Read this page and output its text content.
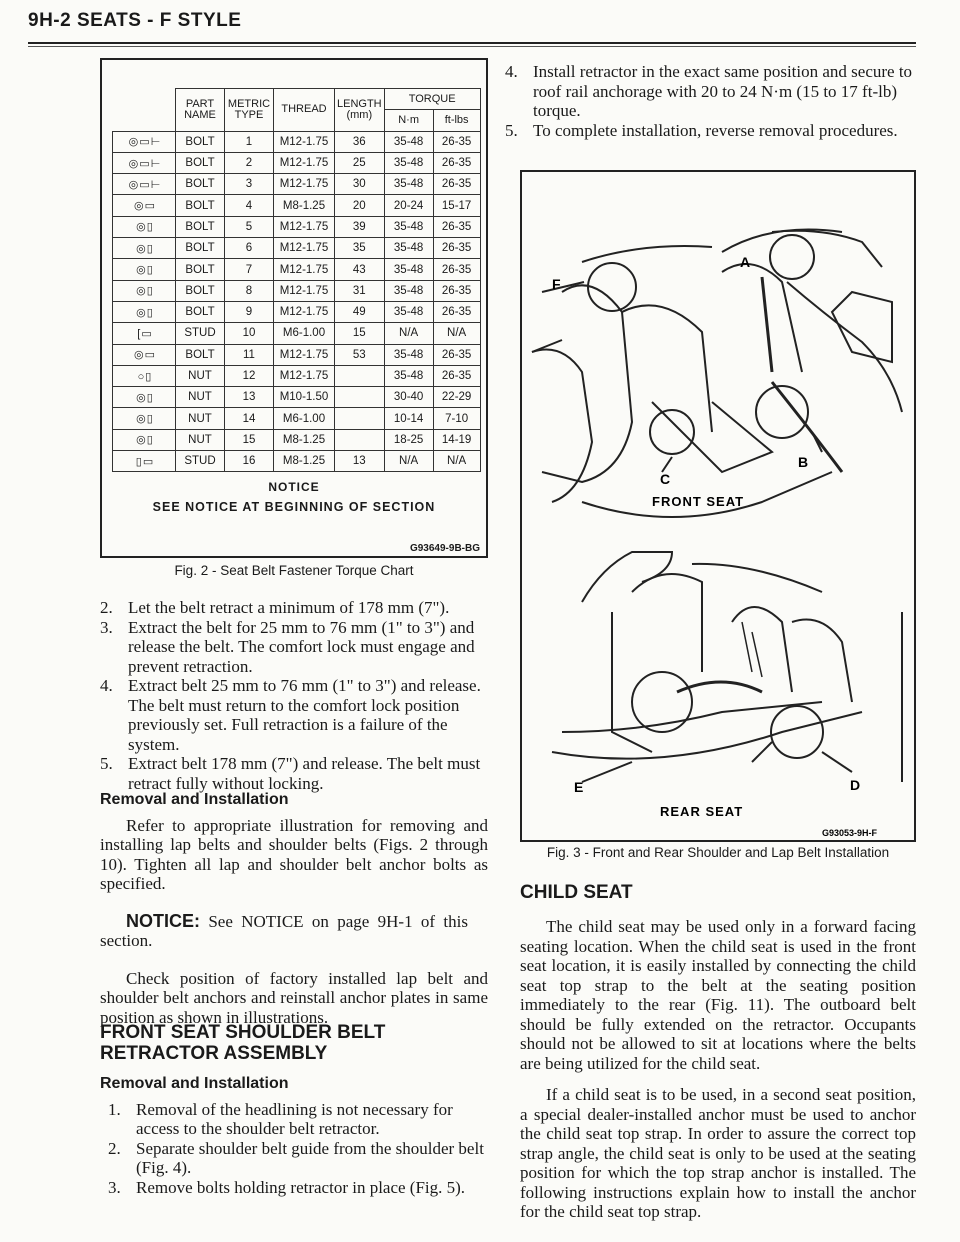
9H-2 SEATS - F STYLE
	PART NAME	METRIC TYPE	THREAD	LENGTH (mm)	TORQUE	
					N·m	ft-lbs
◎ ▭ ⊢	BOLT	1	M12-1.75	36	35-48	26-35
◎ ▭ ⊢	BOLT	2	M12-1.75	25	35-48	26-35
◎ ▭ ⊢	BOLT	3	M12-1.75	30	35-48	26-35
◎ ▭	BOLT	4	M8-1.25	20	20-24	15-17
◎ ▯	BOLT	5	M12-1.75	39	35-48	26-35
◎ ▯	BOLT	6	M12-1.75	35	35-48	26-35
◎ ▯	BOLT	7	M12-1.75	43	35-48	26-35
◎ ▯	BOLT	8	M12-1.75	31	35-48	26-35
◎ ▯	BOLT	9	M12-1.75	49	35-48	26-35
[ ▭	STUD	10	M6-1.00	15	N/A	N/A
◎ ▭	BOLT	11	M12-1.75	53	35-48	26-35
○ ▯	NUT	12	M12-1.75		35-48	26-35
◎ ▯	NUT	13	M10-1.50		30-40	22-29
◎ ▯	NUT	14	M6-1.00		10-14	7-10
◎ ▯	NUT	15	M8-1.25		18-25	14-19
▯ ▭	STUD	16	M8-1.25	13	N/A	N/A
NOTICE
SEE NOTICE AT BEGINNING OF SECTION
G93649-9B-BG
Fig. 2 - Seat Belt Fastener Torque Chart
2. Let the belt retract a minimum of 178 mm (7").
3. Extract the belt for 25 mm to 76 mm (1" to 3") and release the belt. The comfort lock must engage and prevent retraction.
4. Extract belt 25 mm to 76 mm (1" to 3") and release. The belt must return to the comfort lock position previously set. Full retraction is a failure of the system.
5. Extract belt 178 mm (7") and release. The belt must retract fully without locking.
Removal and Installation
Refer to appropriate illustration for removing and installing lap belts and shoulder belts (Figs. 2 through 10). Tighten all lap and shoulder belt anchor bolts as specified.
NOTICE: See NOTICE on page 9H-1 of this section.
Check position of factory installed lap belt and shoulder belt anchors and reinstall anchor plates in same position as shown in illustrations.
FRONT SEAT SHOULDER BELT RETRACTOR ASSEMBLY
Removal and Installation
1. Removal of the headlining is not necessary for access to the shoulder belt retractor.
2. Separate shoulder belt guide from the shoulder belt (Fig. 4).
3. Remove bolts holding retractor in place (Fig. 5).
4. Install retractor in the exact same position and secure to roof rail anchorage with 20 to 24 N·m (15 to 17 ft-lb) torque.
5. To complete installation, reverse removal procedures.
F
A
B
C
D
E
FRONT SEAT
REAR SEAT
G93053-9H-F
Fig. 3 - Front and Rear Shoulder and Lap Belt Installation
CHILD SEAT
The child seat may be used only in a forward facing seating location. When the child seat is used in the front seat location, it is easily installed by connecting the child seat top strap to the belt at the seating position immediately to the rear (Fig. 11). The outboard belt should be fully extended on the retractor. Occupants should not be allowed to sit at locations where the belts are being utilized for the child seat.
If a child seat is to be used, in a second seat position, a special dealer-installed anchor must be used to anchor the child seat top strap. In order to assure the correct top strap angle, the child seat is only to be used at the seating position for which the top strap anchor is installed. The following instructions explain how to install the anchor for the child seat top strap.
